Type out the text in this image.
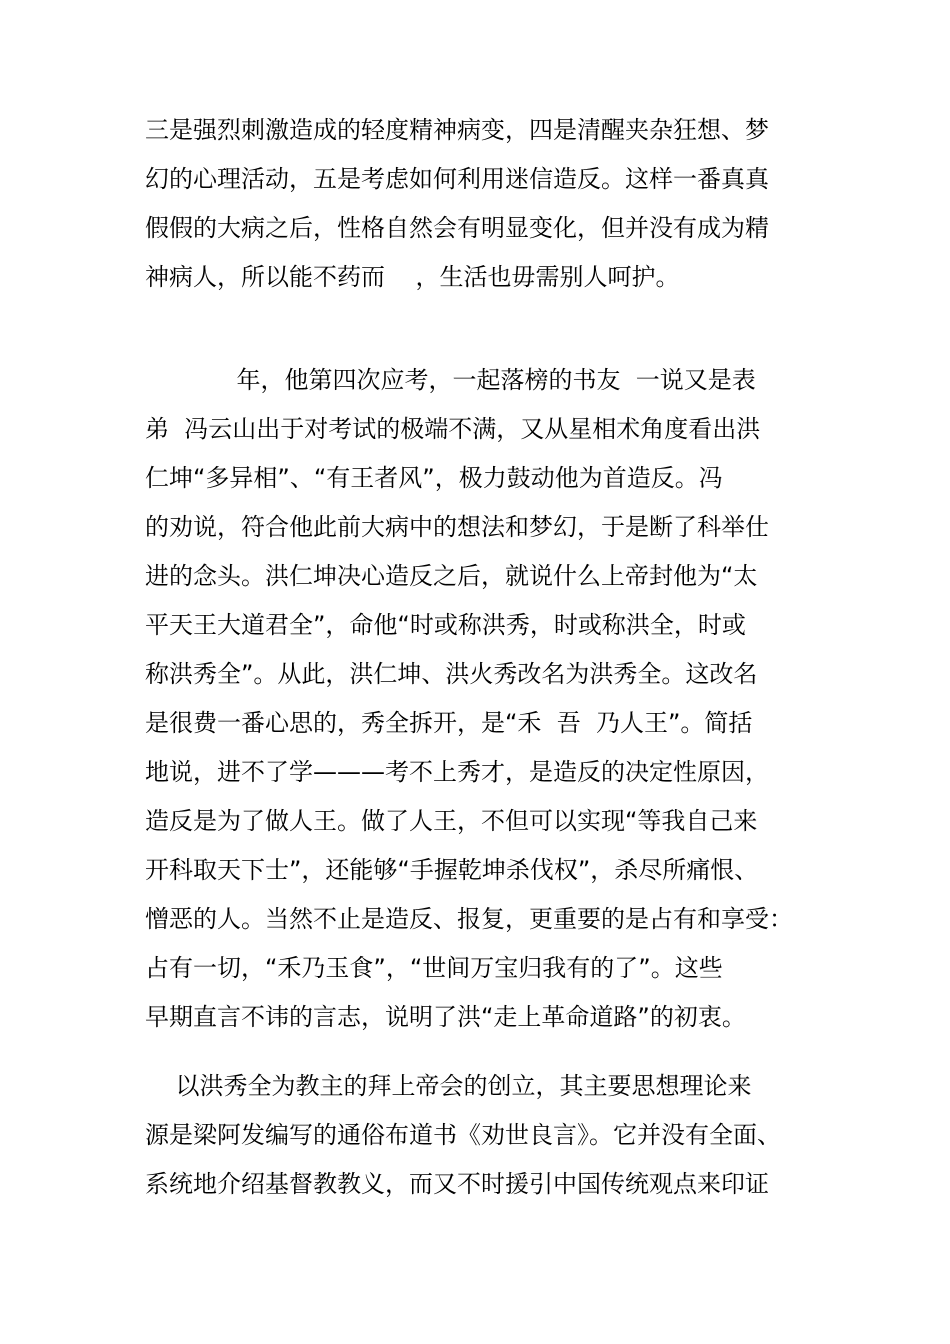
三是强烈刺激造成的轻度精神病变，四是清醒夹杂狂想、梦

幻的心理活动，五是考虑如何利用迷信造反。这样一番真真

假假的大病之后，性格自然会有明显变化，但并没有成为精

神病人，所以能不药而    ，生活也毋需别人呵护。

年，他第四次应考，一起落榜的书友  一说又是表

弟  冯云山出于对考试的极端不满，又从星相术角度看出洪

仁坤“多异相”、“有王者风”，极力鼓动他为首造反。冯

的劝说，符合他此前大病中的想法和梦幻，于是断了科举仕

进的念头。洪仁坤决心造反之后，就说什么上帝封他为“太

平天王大道君全”，命他“时或称洪秀，时或称洪全，时或

称洪秀全”。从此，洪仁坤、洪火秀改名为洪秀全。这改名

是很费一番心思的，秀全拆开，是“禾  吾  乃人王”。简括

地说，进不了学———考不上秀才，是造反的决定性原因，

造反是为了做人王。做了人王，不但可以实现“等我自己来

开科取天下士”，还能够“手握乾坤杀伐权”，杀尽所痛恨、

憎恶的人。当然不止是造反、报复，更重要的是占有和享受：

占有一切，“禾乃玉食”，“世间万宝归我有的了”。这些

早期直言不讳的言志，说明了洪“走上革命道路”的初衷。

以洪秀全为教主的拜上帝会的创立，其主要思想理论来

源是梁阿发编写的通俗布道书《劝世良言》。它并没有全面、

系统地介绍基督教教义，而又不时援引中国传统观点来印证
